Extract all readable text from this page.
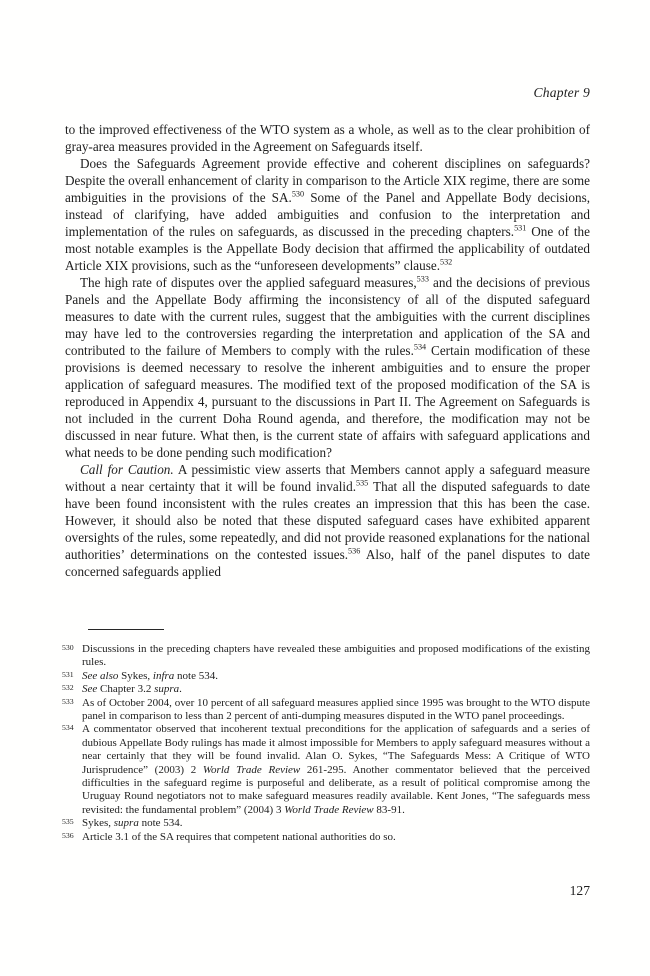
Chapter 9

to the improved effectiveness of the WTO system as a whole, as well as to the clear prohibition of gray-area measures provided in the Agreement on Safeguards itself.

Does the Safeguards Agreement provide effective and coherent disciplines on safeguards? Despite the overall enhancement of clarity in comparison to the Article XIX regime, there are some ambiguities in the provisions of the SA.$^{530}$ Some of the Panel and Appellate Body decisions, instead of clarifying, have added ambiguities and confusion to the interpretation and implementation of the rules on safeguards, as discussed in the preceding chapters.$^{531}$ One of the most notable examples is the Appellate Body decision that affirmed the applicability of outdated Article XIX provisions, such as the “unforeseen developments” clause.$^{532}$

The high rate of disputes over the applied safeguard measures,$^{533}$ and the decisions of previous Panels and the Appellate Body affirming the inconsistency of all of the disputed safeguard measures to date with the current rules, suggest that the ambiguities with the current disciplines may have led to the controversies regarding the interpretation and application of the SA and contributed to the failure of Members to comply with the rules.$^{534}$ Certain modification of these provisions is deemed necessary to resolve the inherent ambiguities and to ensure the proper application of safeguard measures. The modified text of the proposed modification of the SA is reproduced in Appendix 4, pursuant to the discussions in Part II. The Agreement on Safeguards is not included in the current Doha Round agenda, and therefore, the modification may not be discussed in near future. What then, is the current state of affairs with safeguard applications and what needs to be done pending such modification?

Call for Caution. A pessimistic view asserts that Members cannot apply a safeguard measure without a near certainty that it will be found invalid.$^{535}$ That all the disputed safeguards to date have been found inconsistent with the rules creates an impression that this has been the case. However, it should also be noted that these disputed safeguard cases have exhibited apparent oversights of the rules, some repeatedly, and did not provide reasoned explanations for the national authorities’ determinations on the contested issues.$^{536}$ Also, half of the panel disputes to date concerned safeguards applied

530 Discussions in the preceding chapters have revealed these ambiguities and proposed modifications of the existing rules.
531 See also Sykes, infra note 534.
532 See Chapter 3.2 supra.
533 As of October 2004, over 10 percent of all safeguard measures applied since 1995 was brought to the WTO dispute panel in comparison to less than 2 percent of anti-dumping measures disputed in the WTO panel proceedings.
534 A commentator observed that incoherent textual preconditions for the application of safeguards and a series of dubious Appellate Body rulings has made it almost impossible for Members to apply safeguard measures without a near certainly that they will be found invalid. Alan O. Sykes, “The Safeguards Mess: A Critique of WTO Jurisprudence” (2003) 2 World Trade Review 261-295. Another commentator believed that the perceived difficulties in the safeguard regime is purposeful and deliberate, as a result of political compromise among the Uruguay Round negotiators not to make safeguard measures readily available. Kent Jones, “The safeguards mess revisited: the fundamental problem” (2004) 3 World Trade Review 83-91.
535 Sykes, supra note 534.
536 Article 3.1 of the SA requires that competent national authorities do so.
127
